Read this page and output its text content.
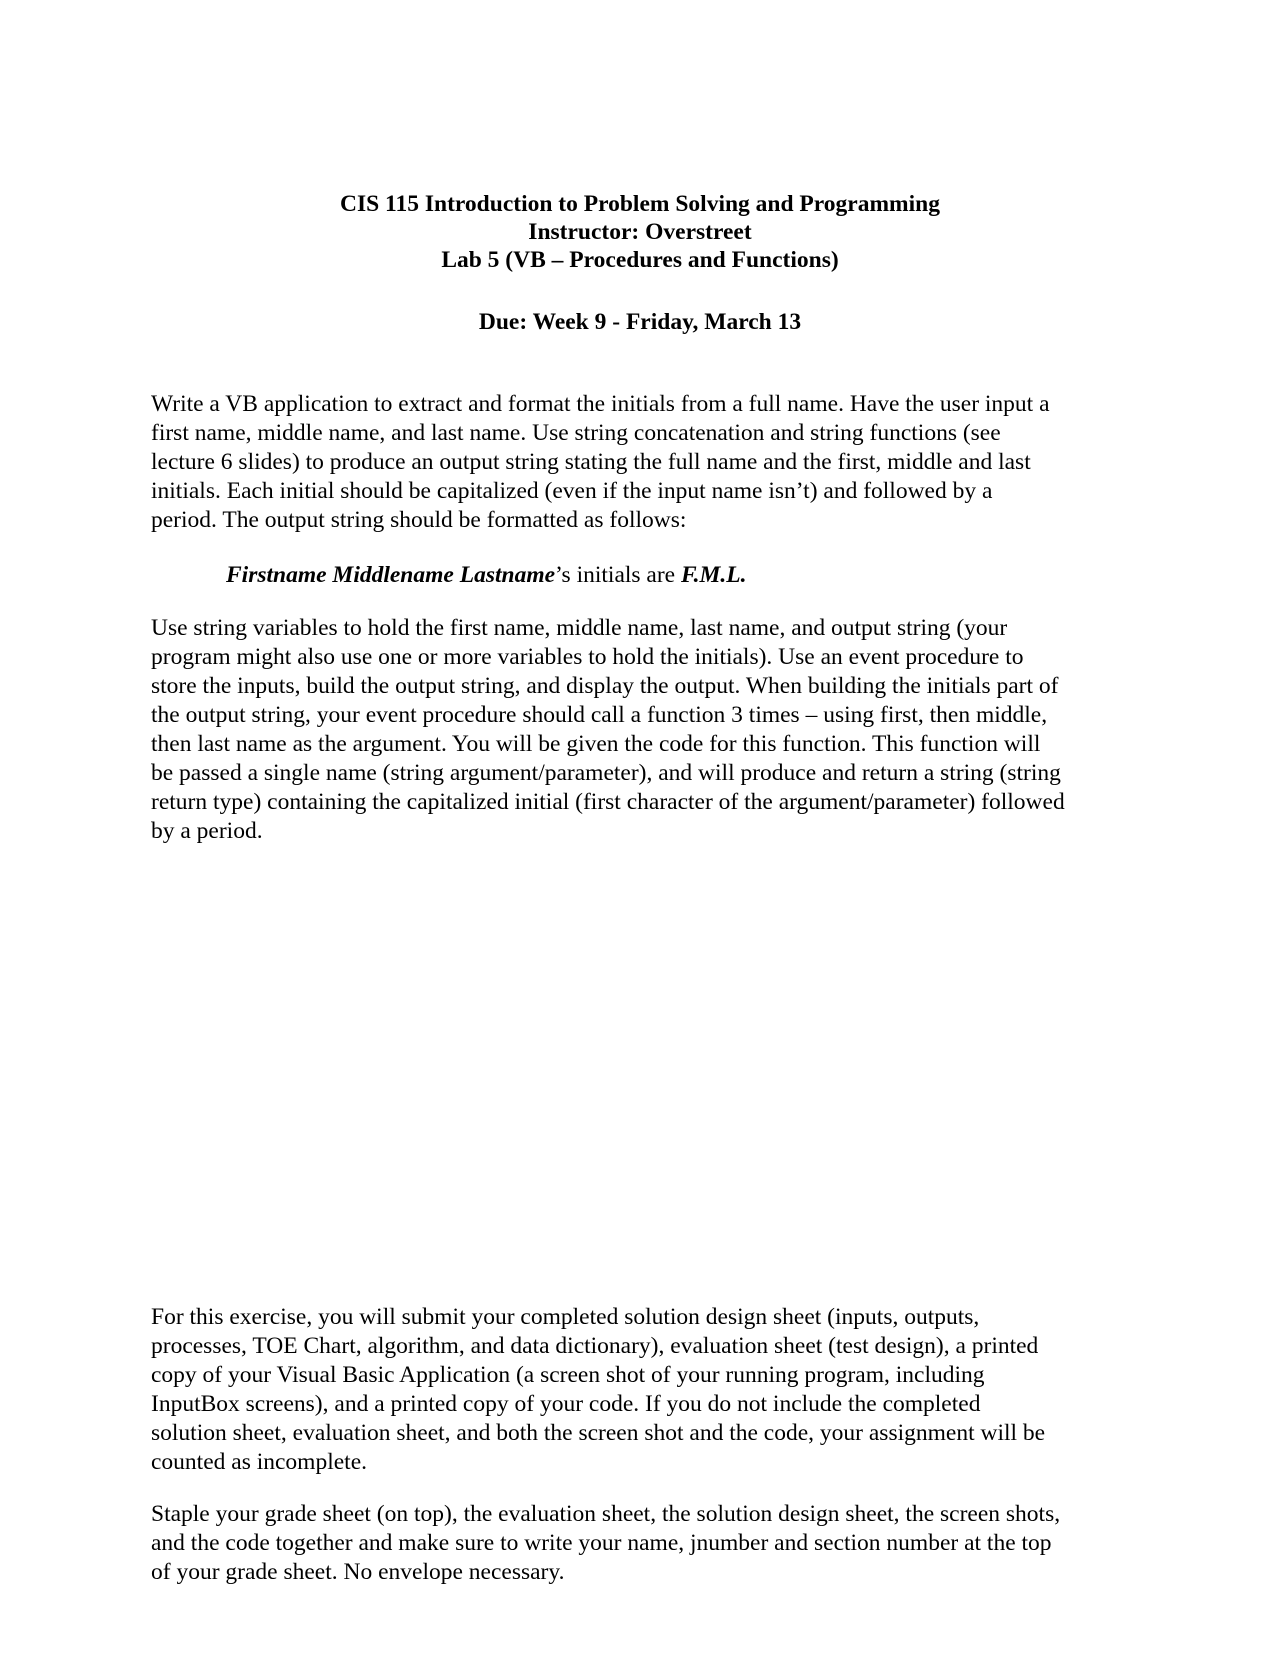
CIS 115 Introduction to Problem Solving and Programming
Instructor: Overstreet
Lab 5 (VB – Procedures and Functions)
Due: Week 9 - Friday, March 13
Write a VB application to extract and format the initials from a full name. Have the user input a
first name, middle name, and last name. Use string concatenation and string functions (see
lecture 6 slides) to produce an output string stating the full name and the first, middle and last
initials. Each initial should be capitalized (even if the input name isn’t) and followed by a
period. The output string should be formatted as follows:
Firstname Middlename Lastname’s initials are F.M.L.
Use string variables to hold the first name, middle name, last name, and output string (your
program might also use one or more variables to hold the initials). Use an event procedure to
store the inputs, build the output string, and display the output. When building the initials part of
the output string, your event procedure should call a function 3 times – using first, then middle,
then last name as the argument. You will be given the code for this function. This function will
be passed a single name (string argument/parameter), and will produce and return a string (string
return type) containing the capitalized initial (first character of the argument/parameter) followed
by a period.
For this exercise, you will submit your completed solution design sheet (inputs, outputs,
processes, TOE Chart, algorithm, and data dictionary), evaluation sheet (test design), a printed
copy of your Visual Basic Application (a screen shot of your running program, including
InputBox screens), and a printed copy of your code. If you do not include the completed
solution sheet, evaluation sheet, and both the screen shot and the code, your assignment will be
counted as incomplete.
Staple your grade sheet (on top), the evaluation sheet, the solution design sheet, the screen shots,
and the code together and make sure to write your name, jnumber and section number at the top
of your grade sheet. No envelope necessary.
